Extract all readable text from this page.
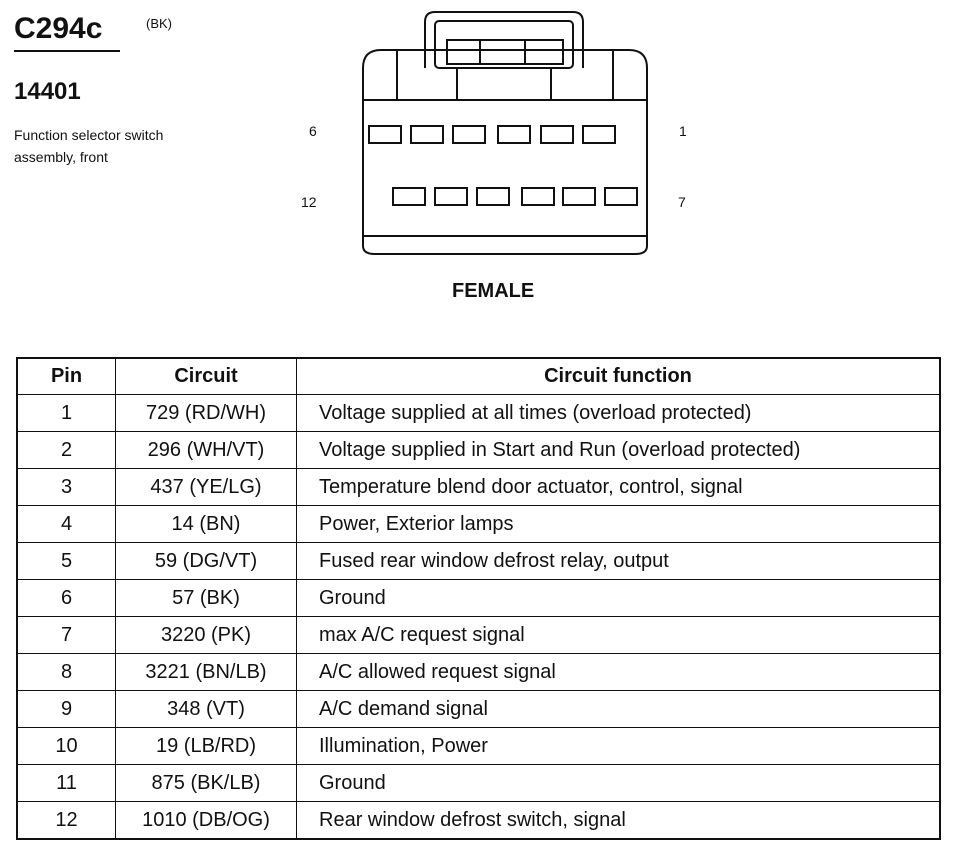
C294c	(BK)
14401
Function selector switch assembly, front
6	1
12	7
FEMALE
Pin	Circuit	Circuit function
1	729 (RD/WH)	Voltage supplied at all times (overload protected)
2	296 (WH/VT)	Voltage supplied in Start and Run (overload protected)
3	437 (YE/LG)	Temperature blend door actuator, control, signal
4	14 (BN)	Power, Exterior lamps
5	59 (DG/VT)	Fused rear window defrost relay, output
6	57 (BK)	Ground
7	3220 (PK)	max A/C request signal
8	3221 (BN/LB)	A/C allowed request signal
9	348 (VT)	A/C demand signal
10	19 (LB/RD)	Illumination, Power
11	875 (BK/LB)	Ground
12	1010 (DB/OG)	Rear window defrost switch, signal
